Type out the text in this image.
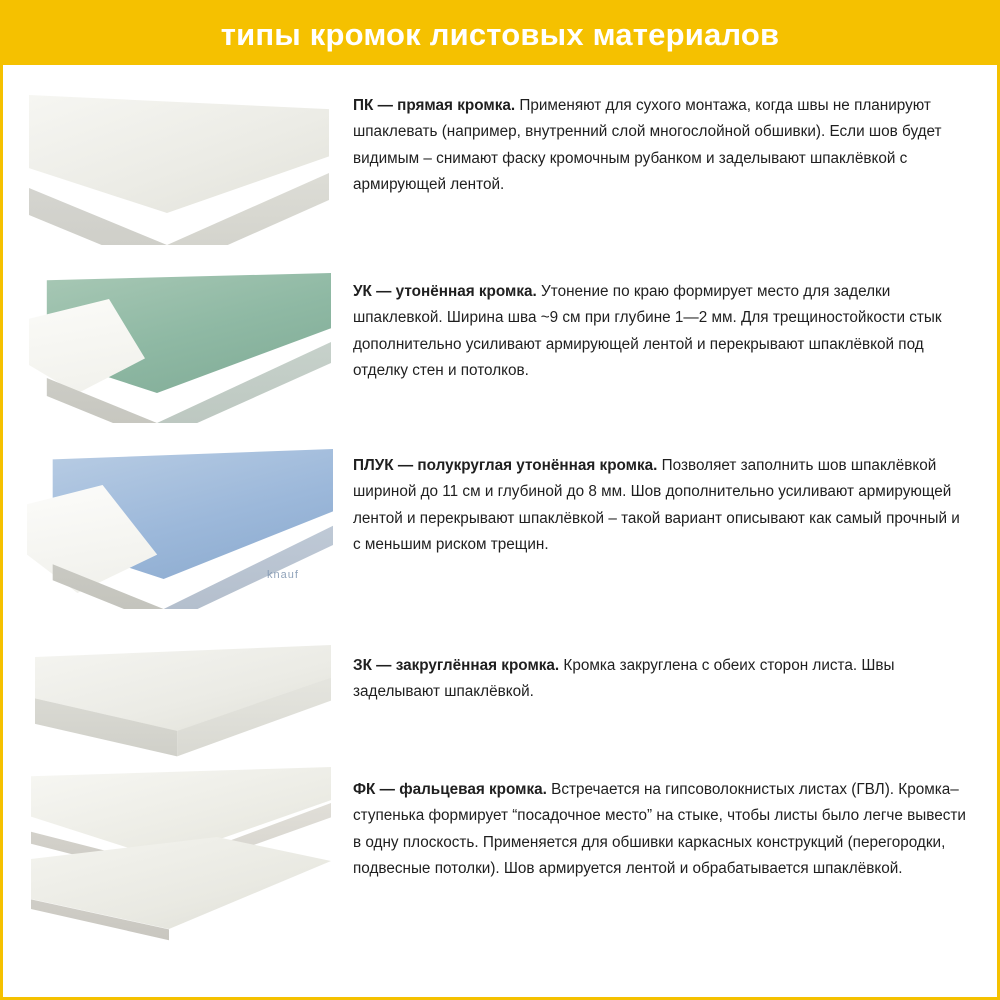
типы кромок листовых материалов
ПК — прямая кромка. Применяют для сухого монтажа, когда швы не планируют шпаклевать (например, внутренний слой многослойной обшивки). Если шов будет видимым – снимают фаску кромочным рубанком и заделывают шпаклёвкой с армирующей лентой.
УК — утонённая кромка. Утонение по краю формирует место для заделки шпаклевкой. Ширина шва ~9 см при глубине 1—2 мм. Для трещиностойкости стык дополнительно усиливают армирующей лентой и перекрывают шпаклёвкой под отделку стен и потолков.
knauf
ПЛУК — полукруглая утонённая кромка. Позволяет заполнить шов шпаклёвкой шириной до 11 см и глубиной до 8 мм. Шов дополнительно усиливают армирующей лентой и перекрывают шпаклёвкой – такой вариант описывают как самый прочный и с меньшим риском трещин.
ЗК — закруглённая кромка. Кромка закруглена с обеих сторон листа. Швы заделывают шпаклёвкой.
ФК — фальцевая кромка. Встречается на гипсоволокнистых листах (ГВЛ). Кромка–ступенька формирует “посадочное место” на стыке, чтобы листы было легче вывести в одну плоскость. Применяется для обшивки каркасных конструкций (перегородки, подвесные потолки). Шов армируется лентой и обрабатывается шпаклёвкой.
